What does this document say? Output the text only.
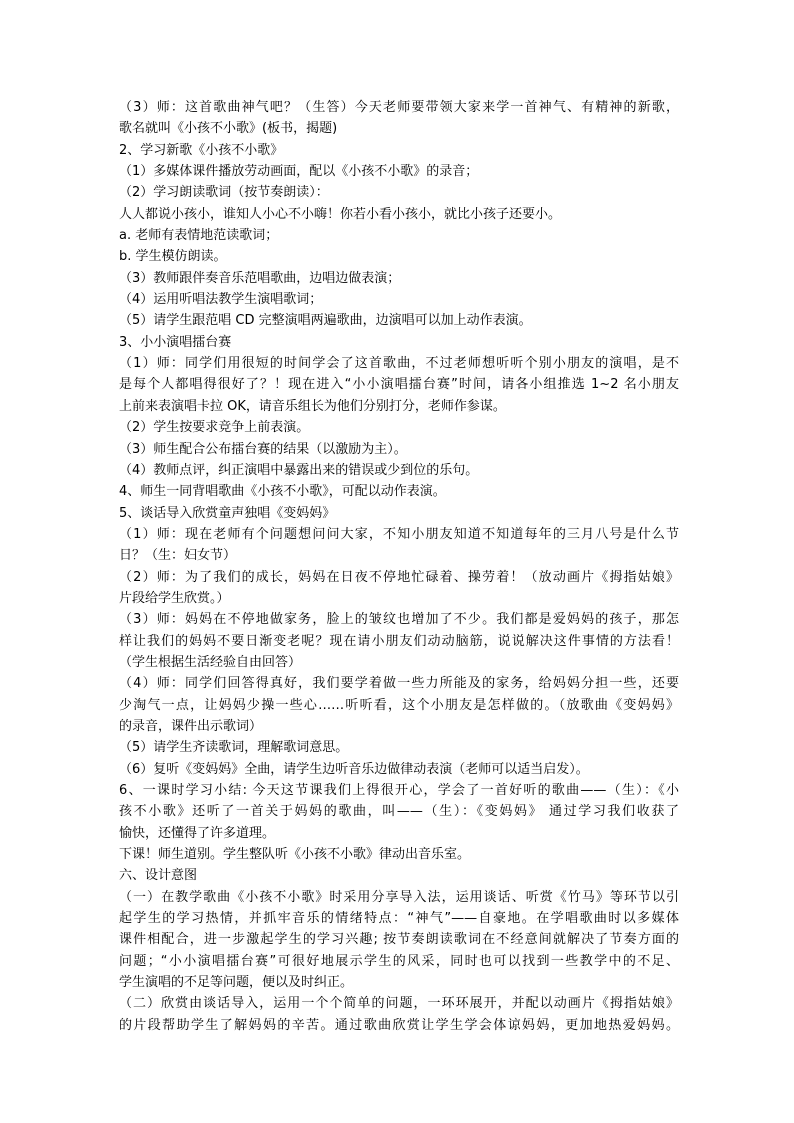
（3）师：这首歌曲神气吧？（生答）今天老师要带领大家来学一首神气、有精神的新歌，

歌名就叫《小孩不小歌》(板书，揭题)

2、学习新歌《小孩不小歌》

（1）多媒体课件播放劳动画面，配以《小孩不小歌》的录音；

（2）学习朗读歌词（按节奏朗读）：

人人都说小孩小，谁知人小心不小嗨！你若小看小孩小，就比小孩子还要小。

a. 老师有表情地范读歌词；

b. 学生模仿朗读。

（3）教师跟伴奏音乐范唱歌曲，边唱边做表演；

（4）运用听唱法教学生演唱歌词；

（5）请学生跟范唱 CD 完整演唱两遍歌曲，边演唱可以加上动作表演。

3、小小演唱擂台赛

（1）师：同学们用很短的时间学会了这首歌曲，不过老师想听听个别小朋友的演唱，是不

是每个人都唱得很好了？！现在进入“小小演唱擂台赛”时间，请各小组推选 1~2 名小朋友

上前来表演唱卡拉 OK，请音乐组长为他们分别打分，老师作参谋。

（2）学生按要求竞争上前表演。

（3）师生配合公布擂台赛的结果（以激励为主）。

（4）教师点评，纠正演唱中暴露出来的错误或少到位的乐句。

4、师生一同背唱歌曲《小孩不小歌》，可配以动作表演。

5、谈话导入欣赏童声独唱《变妈妈》

（1）师：现在老师有个问题想问问大家，不知小朋友知道不知道每年的三月八号是什么节

日？（生：妇女节）

（2）师：为了我们的成长，妈妈在日夜不停地忙碌着、操劳着！（放动画片《拇指姑娘》

片段给学生欣赏。）

（3）师：妈妈在不停地做家务，脸上的皱纹也增加了不少。我们都是爱妈妈的孩子，那怎

样让我们的妈妈不要日渐变老呢？现在请小朋友们动动脑筋，说说解决这件事情的方法看！

（学生根据生活经验自由回答）

（4）师：同学们回答得真好，我们要学着做一些力所能及的家务，给妈妈分担一些，还要

少淘气一点，让妈妈少操一些心……听听看，这个小朋友是怎样做的。（放歌曲《变妈妈》

的录音，课件出示歌词）

（5）请学生齐读歌词，理解歌词意思。

（6）复听《变妈妈》全曲，请学生边听音乐边做律动表演（老师可以适当启发）。

6、一课时学习小结: 今天这节课我们上得很开心，学会了一首好听的歌曲——（生）：《小

孩不小歌》还听了一首关于妈妈的歌曲，叫——（生）：《变妈妈》 通过学习我们收获了

愉快，还懂得了许多道理。

下课！师生道别。学生整队听《小孩不小歌》律动出音乐室。

六、设计意图

（一）在教学歌曲《小孩不小歌》时采用分享导入法，运用谈话、听赏《竹马》等环节以引

起学生的学习热情，并抓牢音乐的情绪特点：“神气”——自豪地。在学唱歌曲时以多媒体

课件相配合，进一步激起学生的学习兴趣; 按节奏朗读歌词在不经意间就解决了节奏方面的

问题；“小小演唱擂台赛”可很好地展示学生的风采，同时也可以找到一些教学中的不足、

学生演唱的不足等问题，便以及时纠正。

（二）欣赏由谈话导入，运用一个个简单的问题，一环环展开，并配以动画片《拇指姑娘》

的片段帮助学生了解妈妈的辛苦。通过歌曲欣赏让学生学会体谅妈妈，更加地热爱妈妈。
